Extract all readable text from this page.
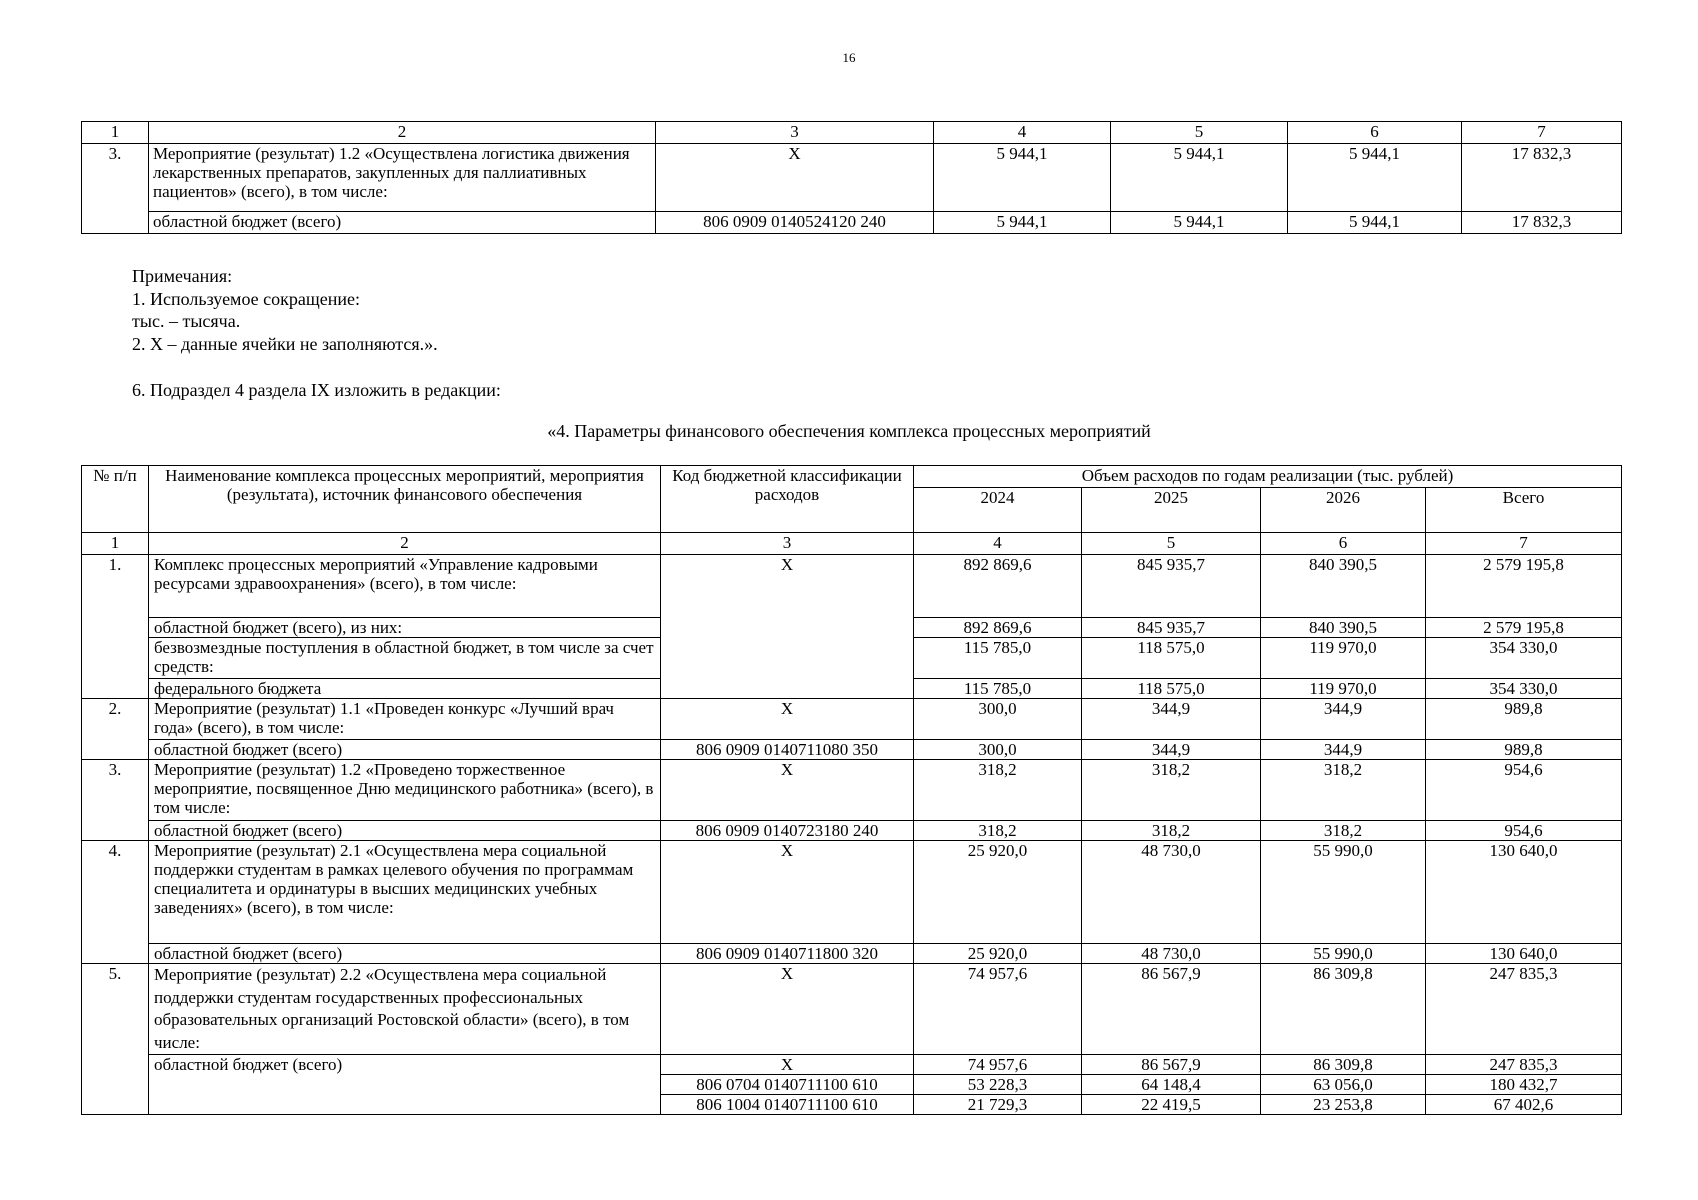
16
1	2	3	4	5	6	7
3.	Мероприятие (результат) 1.2 «Осуществлена логистика движения лекарственных препаратов, закупленных для паллиативных пациентов» (всего), в том числе:	X	5 944,1	5 944,1	5 944,1	17 832,3
	областной бюджет (всего)	806 0909 0140524120 240	5 944,1	5 944,1	5 944,1	17 832,3
Примечания:
1. Используемое сокращение:
тыс. – тысяча.
2. X – данные ячейки не заполняются.».
6. Подраздел 4 раздела IX изложить в редакции:
«4. Параметры финансового обеспечения комплекса процессных мероприятий
№ п/п	Наименование комплекса процессных мероприятий, мероприятия (результата), источник финансового обеспечения	Код бюджетной классификации расходов	Объем расходов по годам реализации (тыс. рублей)			
			2024	2025	2026	Всего
1	2	3	4	5	6	7
1.	Комплекс процессных мероприятий «Управление кадровыми ресурсами здравоохранения» (всего), в том числе:	X	892 869,6	845 935,7	840 390,5	2 579 195,8
	областной бюджет (всего), из них:		892 869,6	845 935,7	840 390,5	2 579 195,8
	безвозмездные поступления в областной бюджет, в том числе за счет средств:		115 785,0	118 575,0	119 970,0	354 330,0
	федерального бюджета		115 785,0	118 575,0	119 970,0	354 330,0
2.	Мероприятие (результат) 1.1 «Проведен конкурс «Лучший врач года» (всего), в том числе:	X	300,0	344,9	344,9	989,8
	областной бюджет (всего)	806 0909 0140711080 350	300,0	344,9	344,9	989,8
3.	Мероприятие (результат) 1.2 «Проведено торжественное мероприятие, посвященное Дню медицинского работника» (всего), в том числе:	X	318,2	318,2	318,2	954,6
	областной бюджет (всего)	806 0909 0140723180 240	318,2	318,2	318,2	954,6
4.	Мероприятие (результат) 2.1 «Осуществлена мера социальной поддержки студентам в рамках целевого обучения по программам специалитета и ординатуры в высших медицинских учебных заведениях» (всего), в том числе:	X	25 920,0	48 730,0	55 990,0	130 640,0
	областной бюджет (всего)	806 0909 0140711800 320	25 920,0	48 730,0	55 990,0	130 640,0
5.	Мероприятие (результат) 2.2 «Осуществлена мера социальной поддержки студентам государственных профессиональных образовательных организаций Ростовской области» (всего), в том числе:	X	74 957,6	86 567,9	86 309,8	247 835,3
	областной бюджет (всего)	X	74 957,6	86 567,9	86 309,8	247 835,3
		806 0704 0140711100 610	53 228,3	64 148,4	63 056,0	180 432,7
		806 1004 0140711100 610	21 729,3	22 419,5	23 253,8	67 402,6
